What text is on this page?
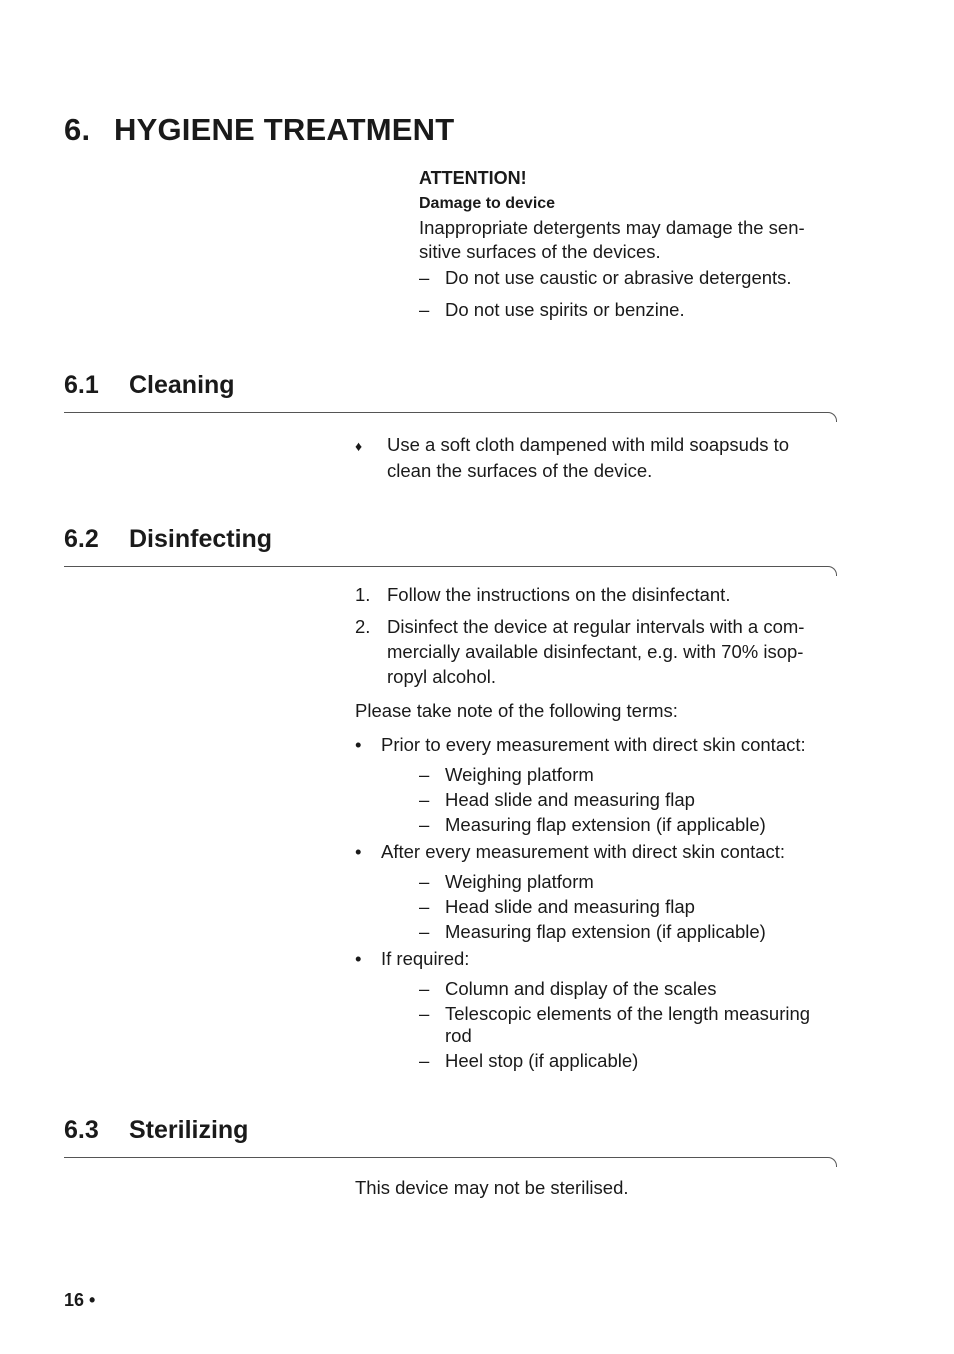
6. HYGIENE TREATMENT
ATTENTION!
Damage to device
Inappropriate detergents may damage the sen-
sitive surfaces of the devices.
– Do not use caustic or abrasive detergents.
– Do not use spirits or benzine.
6.1 Cleaning
♦ Use a soft cloth dampened with mild soapsuds to
clean the surfaces of the device.
6.2 Disinfecting
1. Follow the instructions on the disinfectant.
2. Disinfect the device at regular intervals with a com-
mercially available disinfectant, e.g. with 70% isop-
ropyl alcohol.
Please take note of the following terms:
• Prior to every measurement with direct skin contact:
– Weighing platform
– Head slide and measuring flap
– Measuring flap extension (if applicable)
• After every measurement with direct skin contact:
– Weighing platform
– Head slide and measuring flap
– Measuring flap extension (if applicable)
• If required:
– Column and display of the scales
– Telescopic elements of the length measuring
rod
– Heel stop (if applicable)
6.3 Sterilizing
This device may not be sterilised.
16 •
